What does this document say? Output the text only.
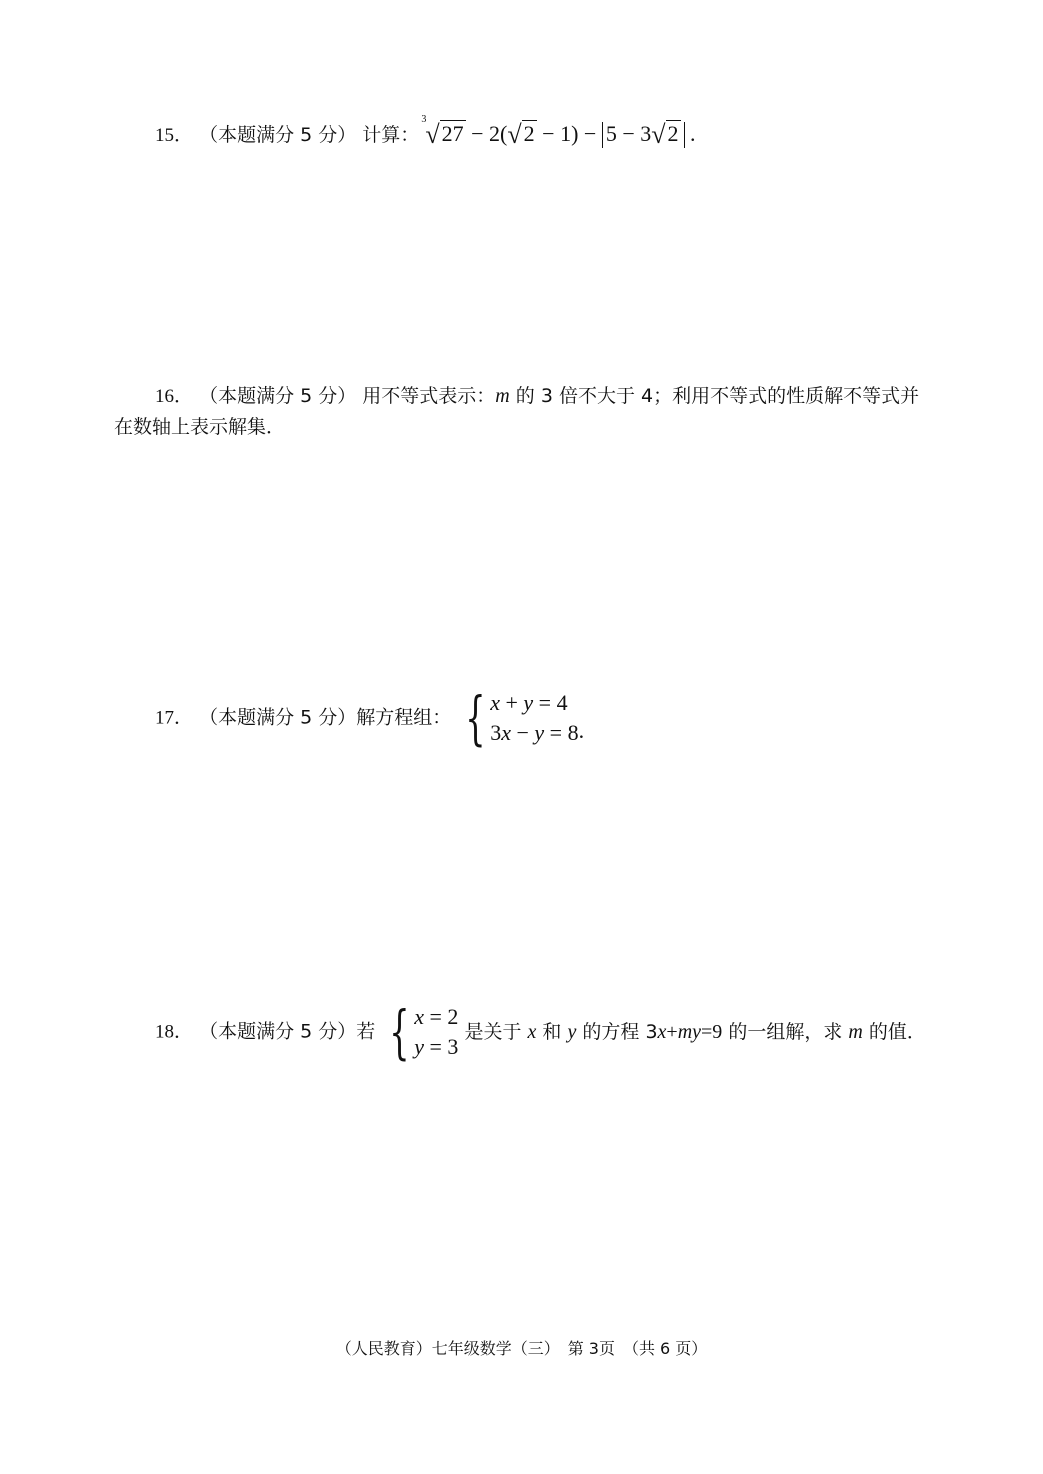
15． （本题满分 5 分） 计算：
3
√27 − 2(√2 − 1) − 5 − 3√2 .
16． （本题满分 5 分） 用不等式表示：m 的 3 倍不大于 4；利用不等式的性质解不等式并
在数轴上表示解集．
17． （本题满分 5 分）解方程组： { x + y = 4
3x − y = 8 .
18． （本题满分 5 分）若 { x = 2
y = 3
是关于 x 和 y 的方程 3x+my=9 的一组解，求 m 的值．
（人民教育）七年级数学（三）　第 3页　（共 6 页）
